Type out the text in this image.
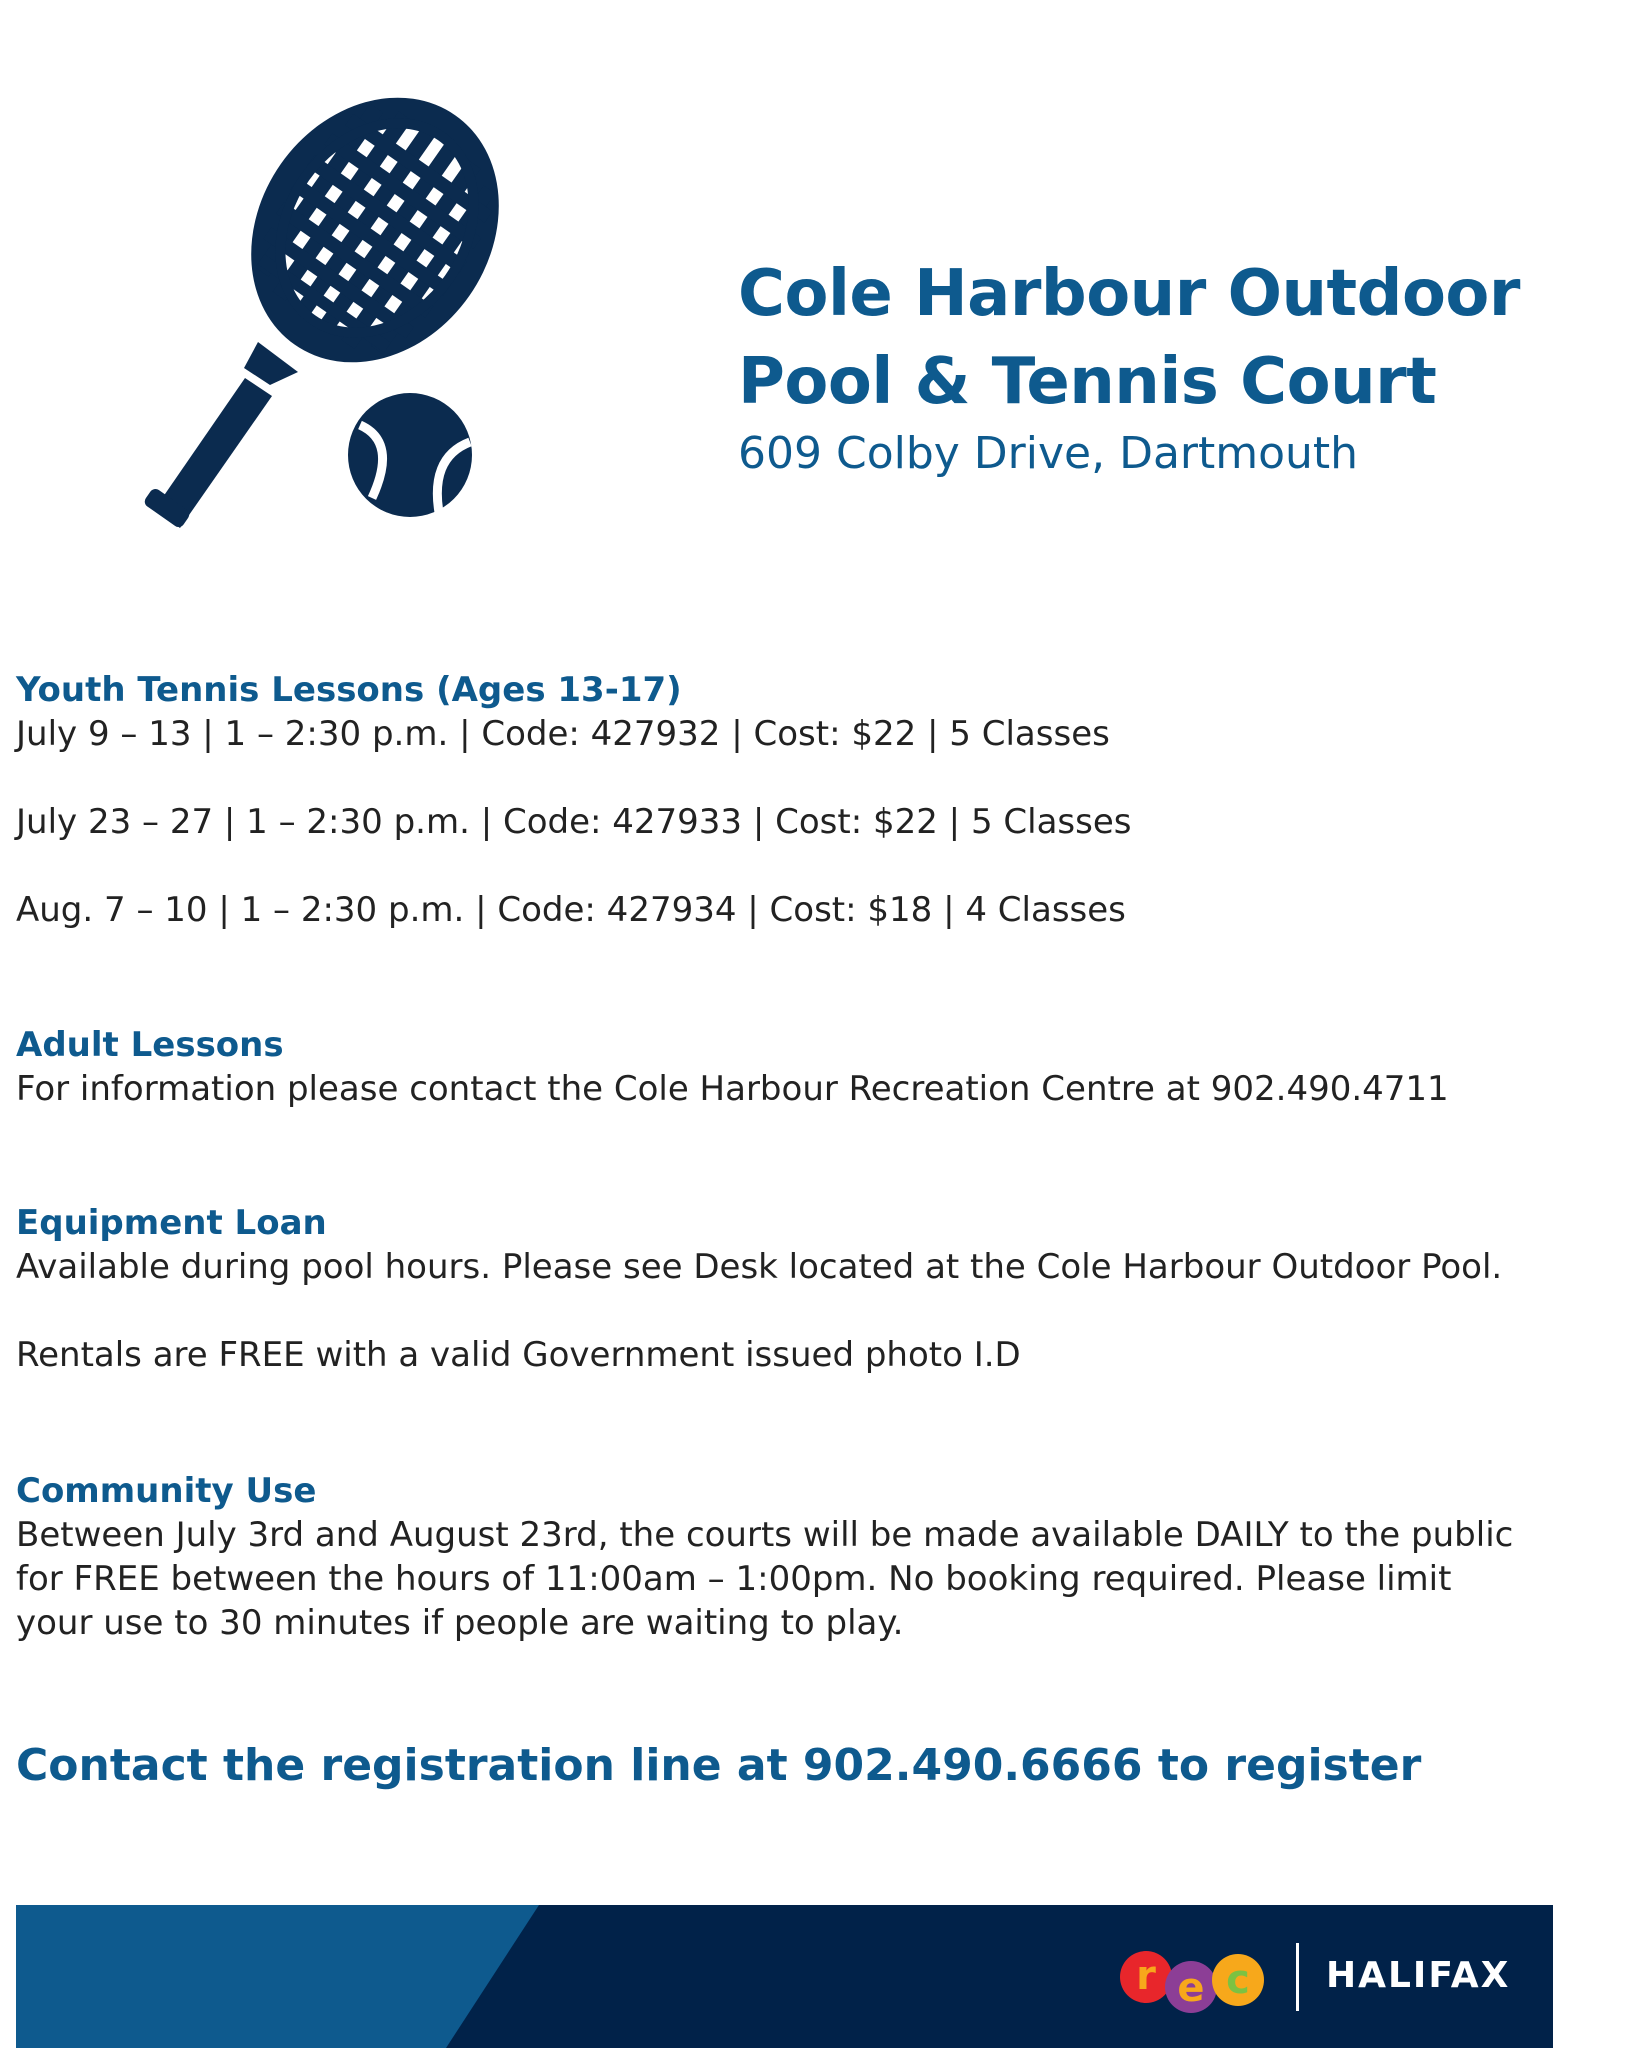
Cole Harbour Outdoor
Pool & Tennis Court
609 Colby Drive, Dartmouth
Youth Tennis Lessons (Ages 13-17)
July 9 – 13 | 1 – 2:30 p.m. | Code: 427932 | Cost: $22 | 5 Classes
July 23 – 27 | 1 – 2:30 p.m. | Code: 427933 | Cost: $22 | 5 Classes
Aug. 7 – 10 | 1 – 2:30 p.m. | Code: 427934 | Cost: $18 | 4 Classes
Adult Lessons
For information please contact the Cole Harbour Recreation Centre at 902.490.4711
Equipment Loan
Available during pool hours. Please see Desk located at the Cole Harbour Outdoor Pool.
Rentals are FREE with a valid Government issued photo I.D
Community Use
Between July 3rd and August 23rd, the courts will be made available DAILY to the public
for FREE between the hours of 11:00am – 1:00pm. No booking required. Please limit
your use to 30 minutes if people are waiting to play.
Contact the registration line at 902.490.6666 to register
r e c HALIFAX
